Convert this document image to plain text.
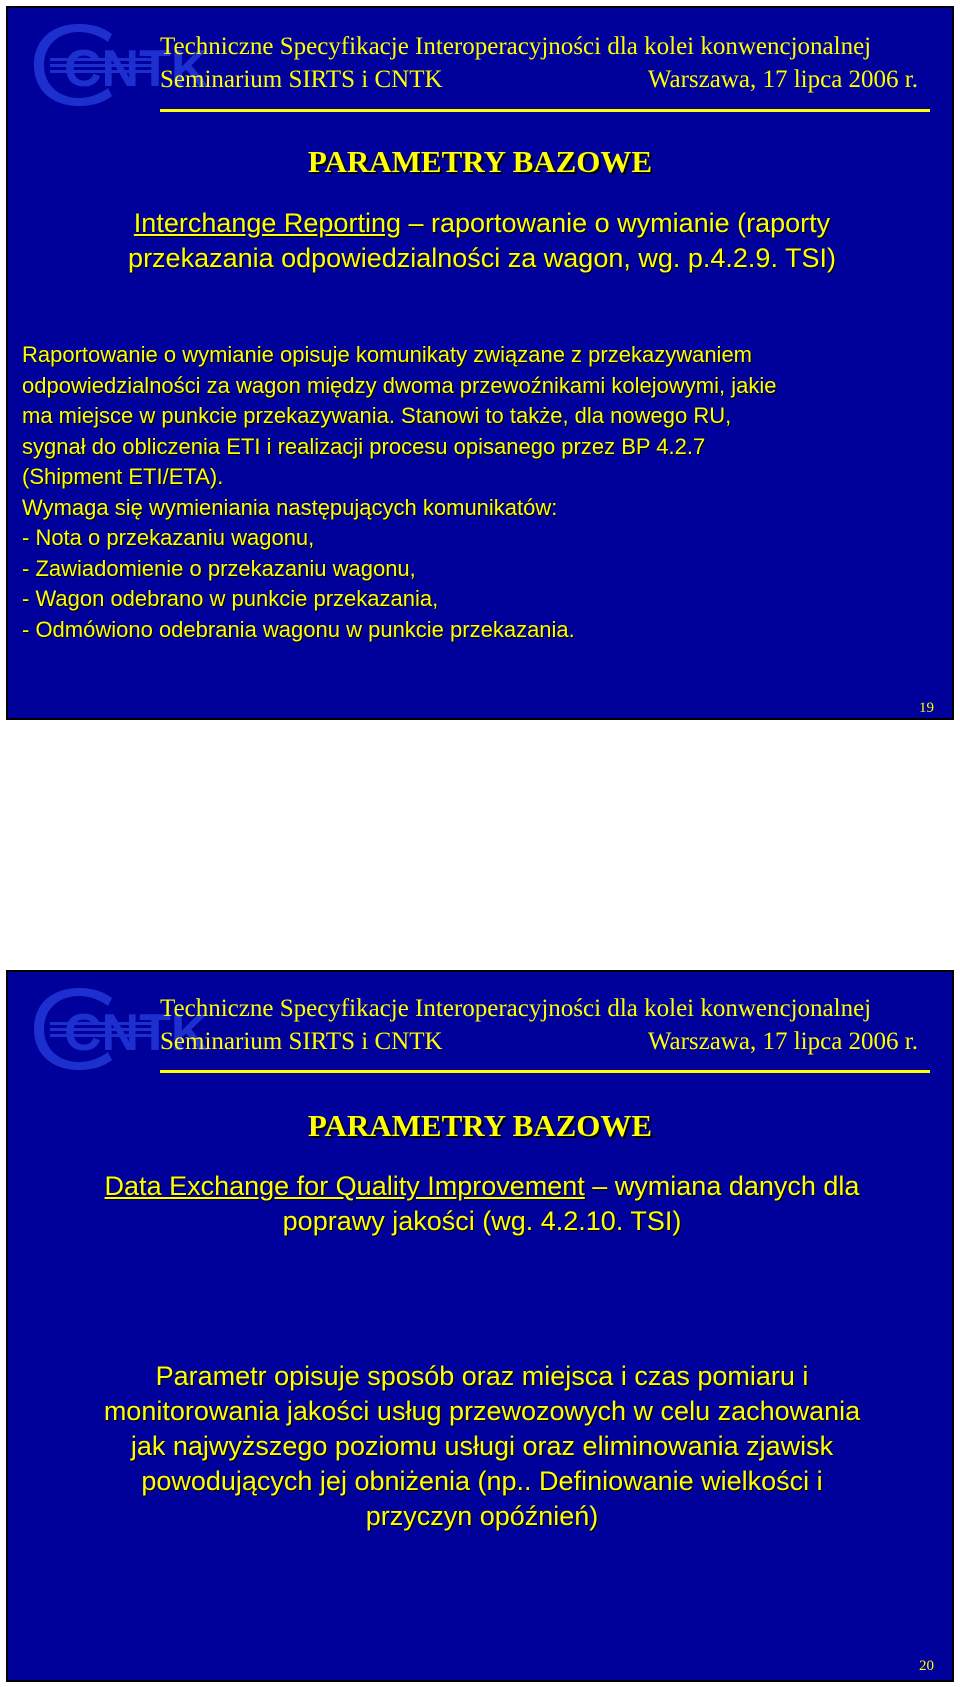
CNTK
Techniczne Specyfikacje Interoperacyjności dla kolei konwencjonalnej
Seminarium SIRTS i CNTK	Warszawa, 17 lipca 2006 r.
PARAMETRY BAZOWE
Interchange Reporting – raportowanie o wymianie (raporty
przekazania odpowiedzialności za wagon, wg. p.4.2.9. TSI)
Raportowanie o wymianie opisuje komunikaty związane z przekazywaniem
odpowiedzialności za wagon między dwoma przewoźnikami kolejowymi, jakie
ma miejsce w punkcie przekazywania. Stanowi to także, dla nowego RU,
sygnał do obliczenia ETI i realizacji procesu opisanego przez BP 4.2.7
(Shipment ETI/ETA).
Wymaga się wymieniania następujących komunikatów:
- Nota o przekazaniu wagonu,
- Zawiadomienie o przekazaniu wagonu,
- Wagon odebrano w punkcie przekazania,
- Odmówiono odebrania wagonu w punkcie przekazania.
19
CNTK
Techniczne Specyfikacje Interoperacyjności dla kolei konwencjonalnej
Seminarium SIRTS i CNTK	Warszawa, 17 lipca 2006 r.
PARAMETRY BAZOWE
Data Exchange for Quality Improvement – wymiana danych dla
poprawy jakości (wg. 4.2.10. TSI)
Parametr opisuje sposób oraz miejsca i czas pomiaru i
monitorowania jakości usług przewozowych w celu zachowania
jak najwyższego poziomu usługi oraz eliminowania zjawisk
powodujących jej obniżenia (np.. Definiowanie wielkości i
przyczyn opóźnień)
20
